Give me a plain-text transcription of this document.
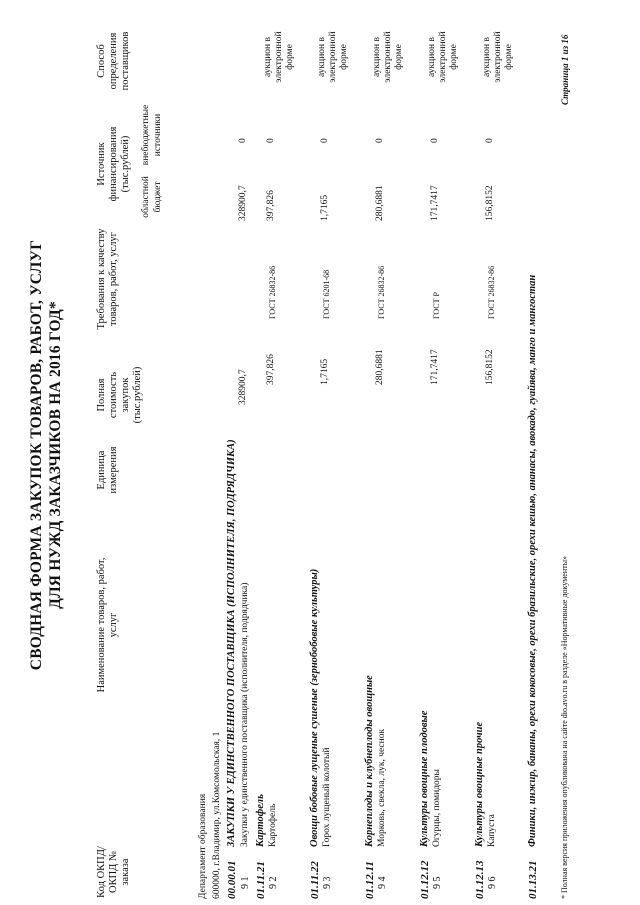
СВОДНАЯ ФОРМА ЗАКУПОК ТОВАРОВ, РАБОТ, УСЛУГ ДЛЯ НУЖД ЗАКАЗЧИКОВ НА 2016 ГОД*
Код ОКПД/ ОКПД № заказа
Наименование товаров, работ, услуг
Единица измерения
Полная стоимость закупок (тыс.рублей)
Требования к качеству товаров, работ, услуг
Источник финансирования (тыс.рублей)
областной бюджет
внебюджетные источники
Способ определения поставщиков
Департамент образования 600000, г.Владимир, ул.Комсомольская, 1 00.00.01
ЗАКУПКИ У ЕДИНСТВЕННОГО ПОСТАВЩИКА (ИСПОЛНИТЕЛЯ, ПОДРЯДЧИКА)
9 1
Закупки у единственного поставщика (исполнителя, подрядчика)
328900,7
328900,7
0
01.11.21
Картофель
9 2
Картофель
397,826
ГОСТ 26832-86
397,826
0
аукцион в электронной форме
01.11.22
Овощи бобовые лущеные сушеные (зернобобовые культуры)
9 3
Горох лущеный колотый
1,7165
ГОСТ 6201-68
1,7165
0
аукцион в электронной форме
01.12.11
Корнеплоды и клубнеплоды овощные
9 4
Морковь, свекла, лук, чеснок
280,6881
ГОСТ 26832-86
280,6881
0
аукцион в электронной форме
01.12.12
Культуры овощные плодовые
9 5
Огурцы, помидоры
171,7417
ГОСТ Р
171,7417
0
аукцион в электронной форме
01.12.13
Культуры овощные прочие
9 6
Капуста
156,8152
ГОСТ 26832-86
156,8152
0
аукцион в электронной форме
01.13.21
Финики, инжир, бананы, орехи кокосовые, орехи бразильские, орехи кешью, ананасы, авокадо, гуайява, манго и мангостан	* Полная версия приложения опубликована на сайте dio.avo.ru в разделе «Нормативные документы»
Страница 1 из 16
